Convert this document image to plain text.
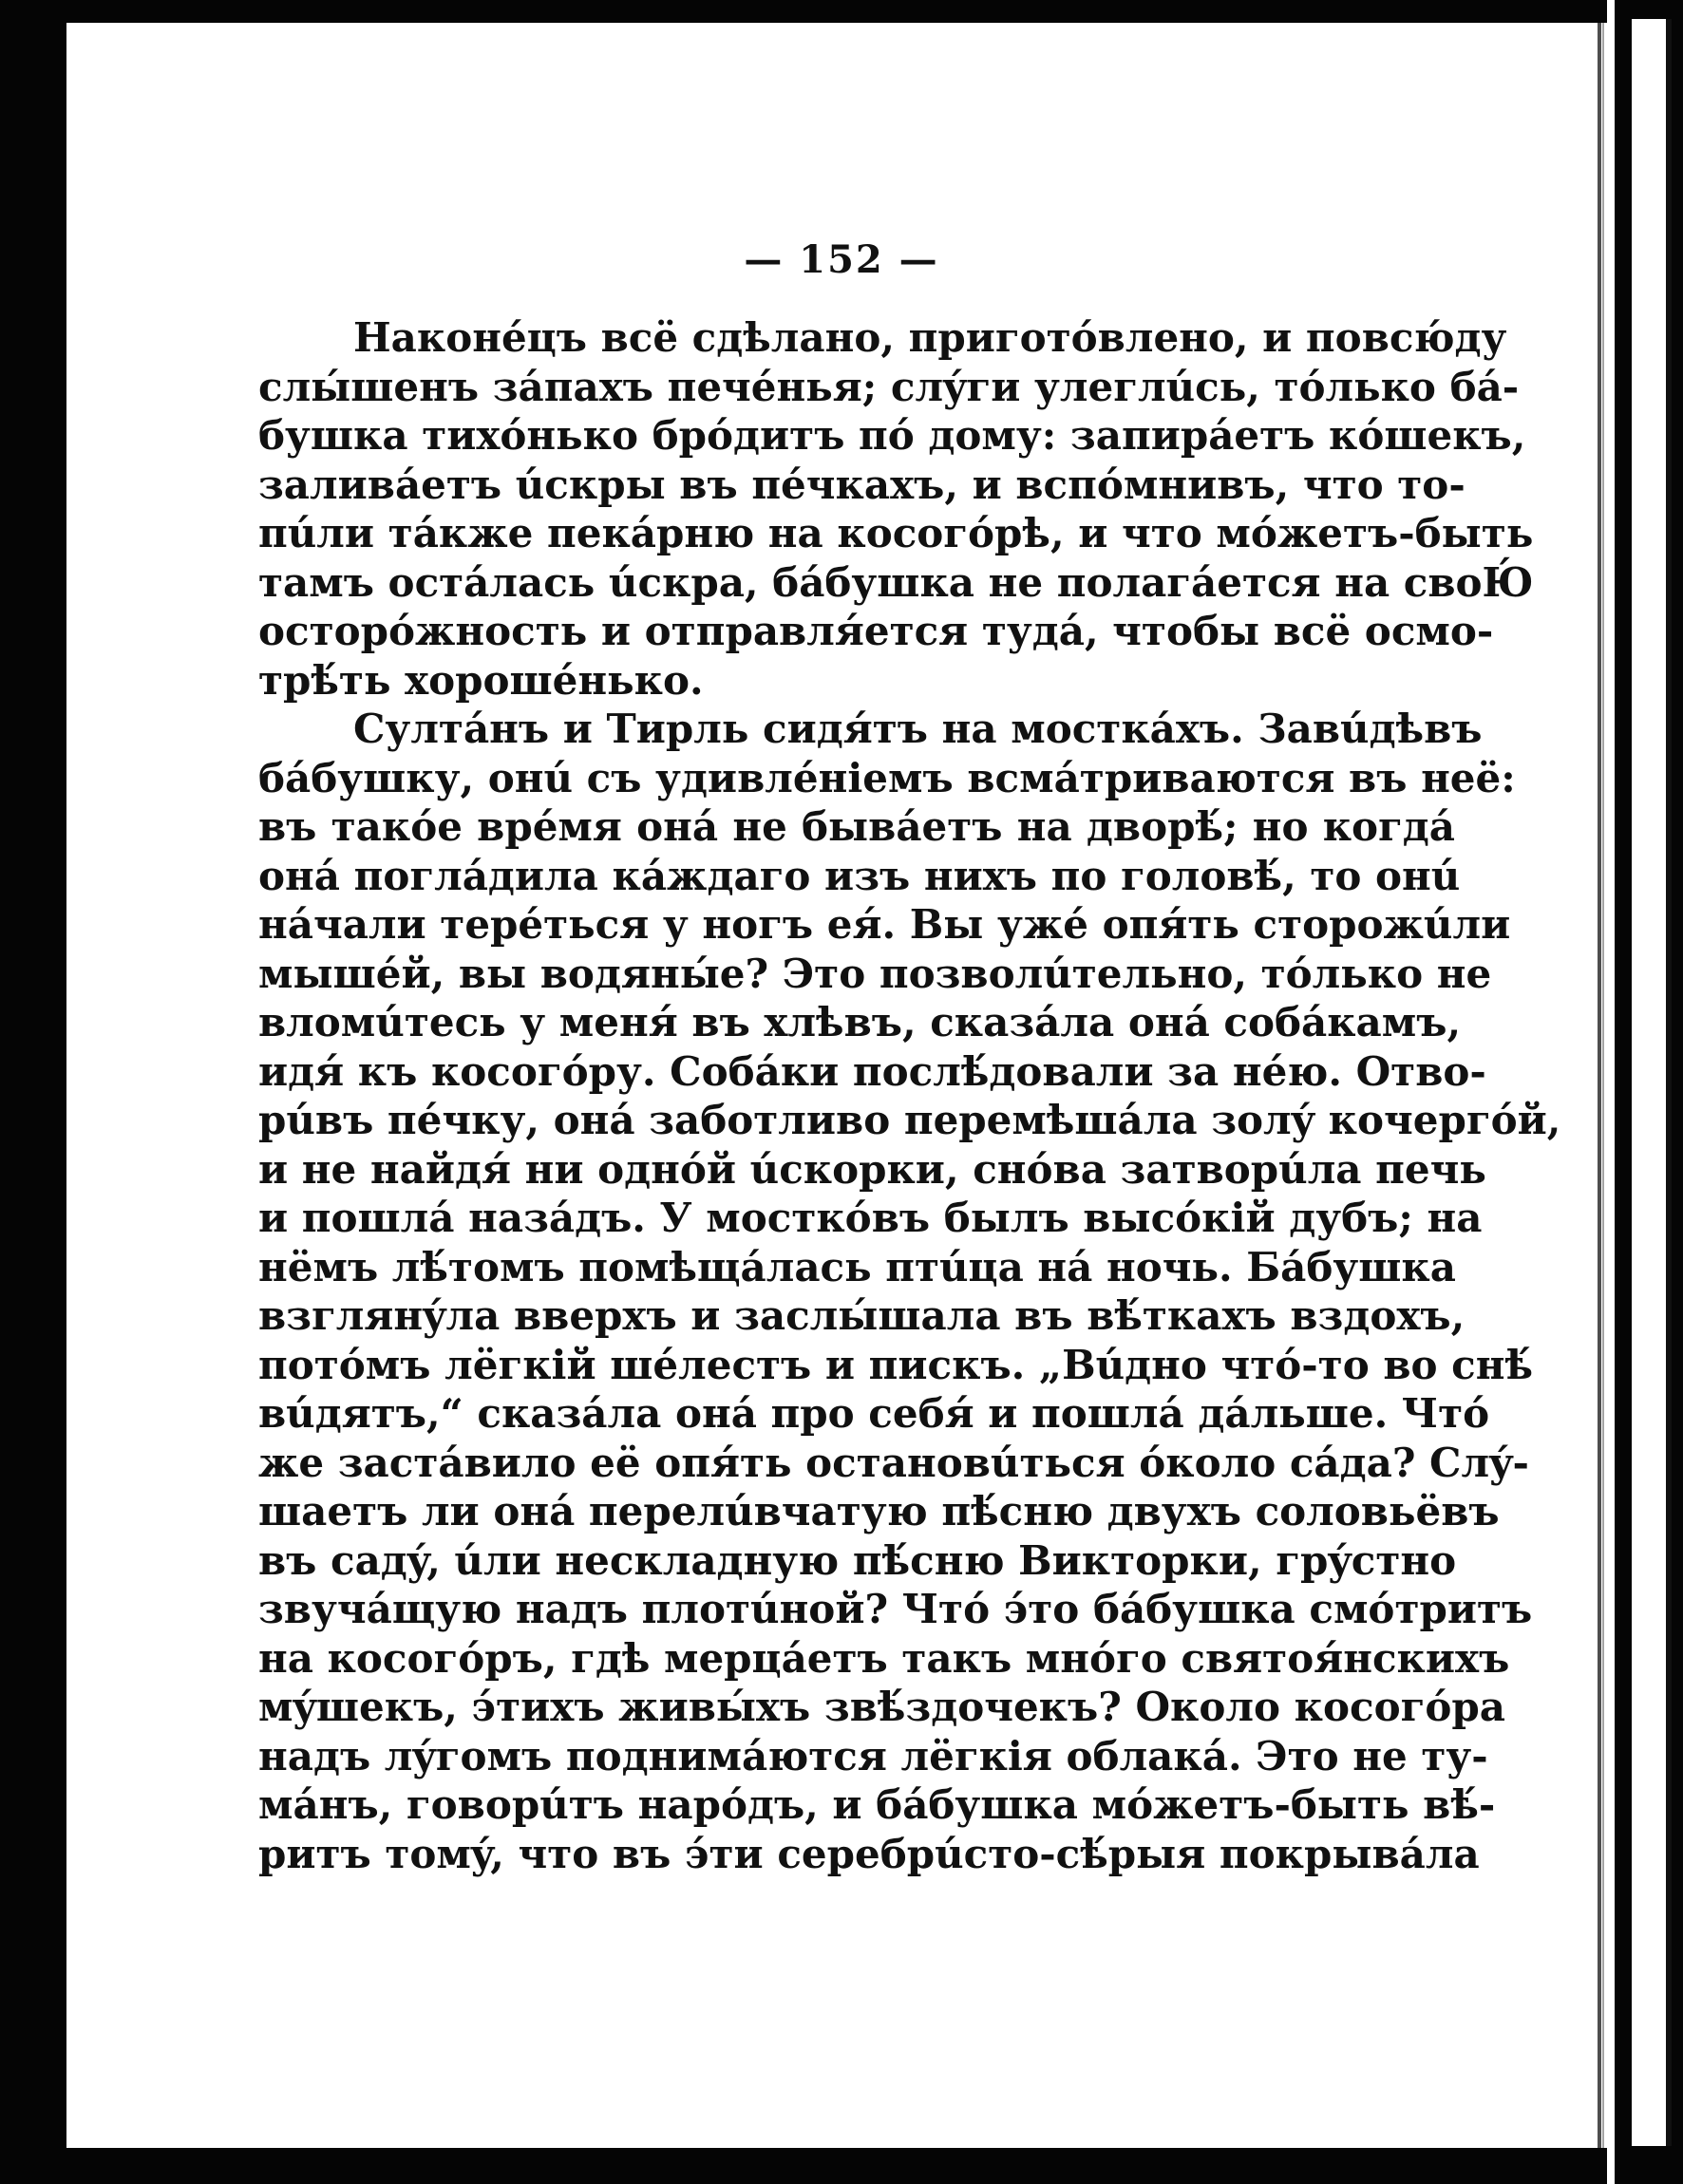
— 152 —
Наконéцъ всё сдѣлано, приготóвлено, и повсю́ду
слы́шенъ зáпахъ печéнья; слýги улеглúсь, тóлько бá-
бушка тихóнько брóдитъ пó дому: запирáетъ кóшекъ,
заливáетъ úскры въ пéчкахъ, и вспóмнивъ, что то-
пúли тáкже пекáрню на косогóрѣ, и что мóжетъ-быть
тамъ остáлась úскра, бáбушка не полагáется на своЮ́
осторóжность и отправля́ется тудá, чтобы всё осмо-
трѣ́ть хорошéнько.
Султáнъ и Тирль сидя́тъ на мосткáхъ. Завúдѣвъ
бáбушку, онú съ удивлéніемъ всмáтриваются въ неё:
въ такóе врéмя онá не бывáетъ на дворѣ́; но когдá
онá поглáдила кáждаго изъ нихъ по головѣ́, то онú
нáчали терéться у ногъ ея́. Вы ужé опя́ть сторожúли
мышéй, вы водяны́е? Это позволúтельно, тóлько не
вломúтесь у меня́ въ хлѣвъ, сказáла онá собáкамъ,
идя́ къ косогóру. Собáки послѣ́довали за нéю. Отво-
рúвъ пéчку, онá заботливо перемѣшáла золý кочергóй,
и не найдя́ ни однóй úскорки, снóва затворúла печь
и пошлá назáдъ. У мосткóвъ былъ высóкій дубъ; на
нёмъ лѣ́томъ помѣщáлась птúца нá ночь. Бáбушка
взглянýла вверхъ и заслы́шала въ вѣ́ткахъ вздохъ,
потóмъ лёгкій шéлестъ и пискъ. „Вúдно чтó-то во снѣ́
вúдятъ,“ сказáла онá про себя́ и пошлá дáльше. Чтó
же застáвило её опя́ть остановúться óколо сáда? Слý-
шаетъ ли онá перелúвчатую пѣ́сню двухъ соловьёвъ
въ садý, úли нескладную пѣ́сню Викторки, грýстно
звучáщую надъ плотúной? Чтó э́то бáбушка смóтритъ
на косогóръ, гдѣ мерцáетъ такъ мнóго святоя́нскихъ
мýшекъ, э́тихъ живы́хъ звѣ́здочекъ? Около косогóра
надъ лýгомъ поднимáются лёгкія облакá. Это не ту-
мáнъ, говорúтъ нарóдъ, и бáбушка мóжетъ-быть вѣ́-
ритъ томý, что въ э́ти серебрúсто-сѣ́рыя покрывáла
